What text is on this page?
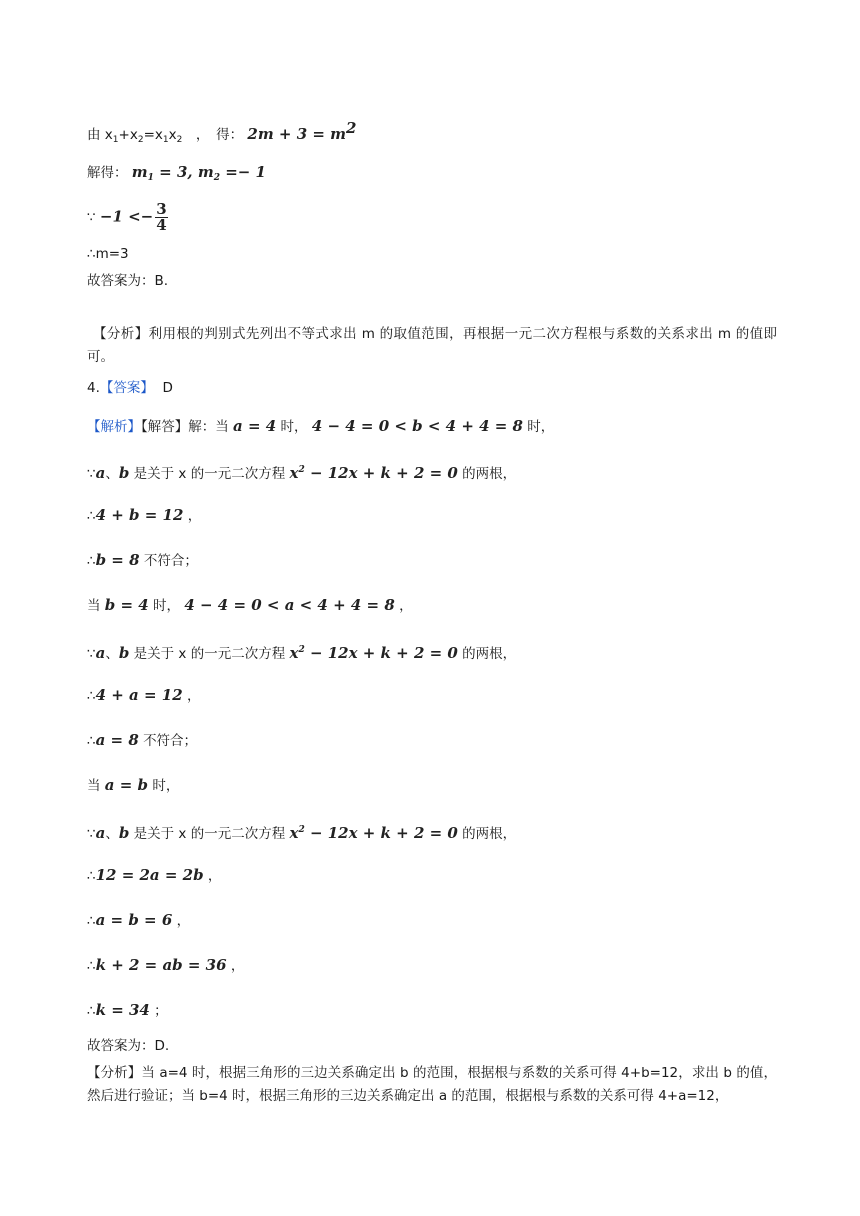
由 $x_1+x_2=x_1x_2$　，　得： $2m + 3 = m^2$
解得： $m_1 = 3$, $m_2 =- 1$
∵ $-1 <- \frac{3}{4}$
∴m=3
故答案为：B.
【分析】利用根的判别式先列出不等式求出 m 的取值范围，再根据一元二次方程根与系数的关系求出 m 的值即可。
4.【答案】 D
【解析】【解答】解：当 a = 4 时， 4 − 4 = 0 < b < 4 + 4 = 8 时，
∵a、b 是关于 x 的一元二次方程 $x^2 - 12x + k + 2 = 0$ 的两根，
∴4 + b = 12 ，
∴b = 8 不符合；
当 b = 4 时， 4 − 4 = 0 < a < 4 + 4 = 8 ，
∵a、b 是关于 x 的一元二次方程 $x^2 - 12x + k + 2 = 0$ 的两根，
∴4 + a = 12 ，
∴a = 8 不符合；
当 a = b 时，
∵a、b 是关于 x 的一元二次方程 $x^2 - 12x + k + 2 = 0$ 的两根，
∴12 = 2a = 2b ，
∴a = b = 6 ，
∴k + 2 = ab = 36 ，
∴k = 34 ；
故答案为：D.
【分析】当 a=4 时，根据三角形的三边关系确定出 b 的范围，根据根与系数的关系可得 4+b=12，求出 b 的值，然后进行验证；当 b=4 时，根据三角形的三边关系确定出 a 的范围，根据根与系数的关系可得 4+a=12，
